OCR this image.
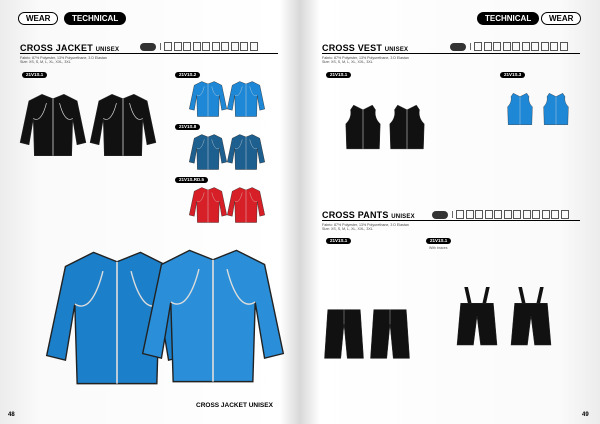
WEAR	TECHNICAL
CROSS JACKET UNISEX
Fabric: 87% Polyester, 13% Polyurethane, 3 D Elastan
Size: XS, S, M, L, XL, XXL, 3XL
21V1S.1	21V1S.2
21V1S.8
21V1S.RD.5
CROSS JACKET UNISEX
48
TECHNICAL	WEAR
CROSS VEST UNISEX
Fabric: 87% Polyester, 13% Polyurethane, 3 D Elastan
Size: XS, S, M, L, XL, XXL, 3XL
21V1S.1	21V1S.3
CROSS PANTS UNISEX
Fabric: 87% Polyester, 13% Polyurethane, 3 D Elastan
Size: XS, S, M, L, XL, XXL, 3XL
21V1S.1	21V1S.1
With braces
49
